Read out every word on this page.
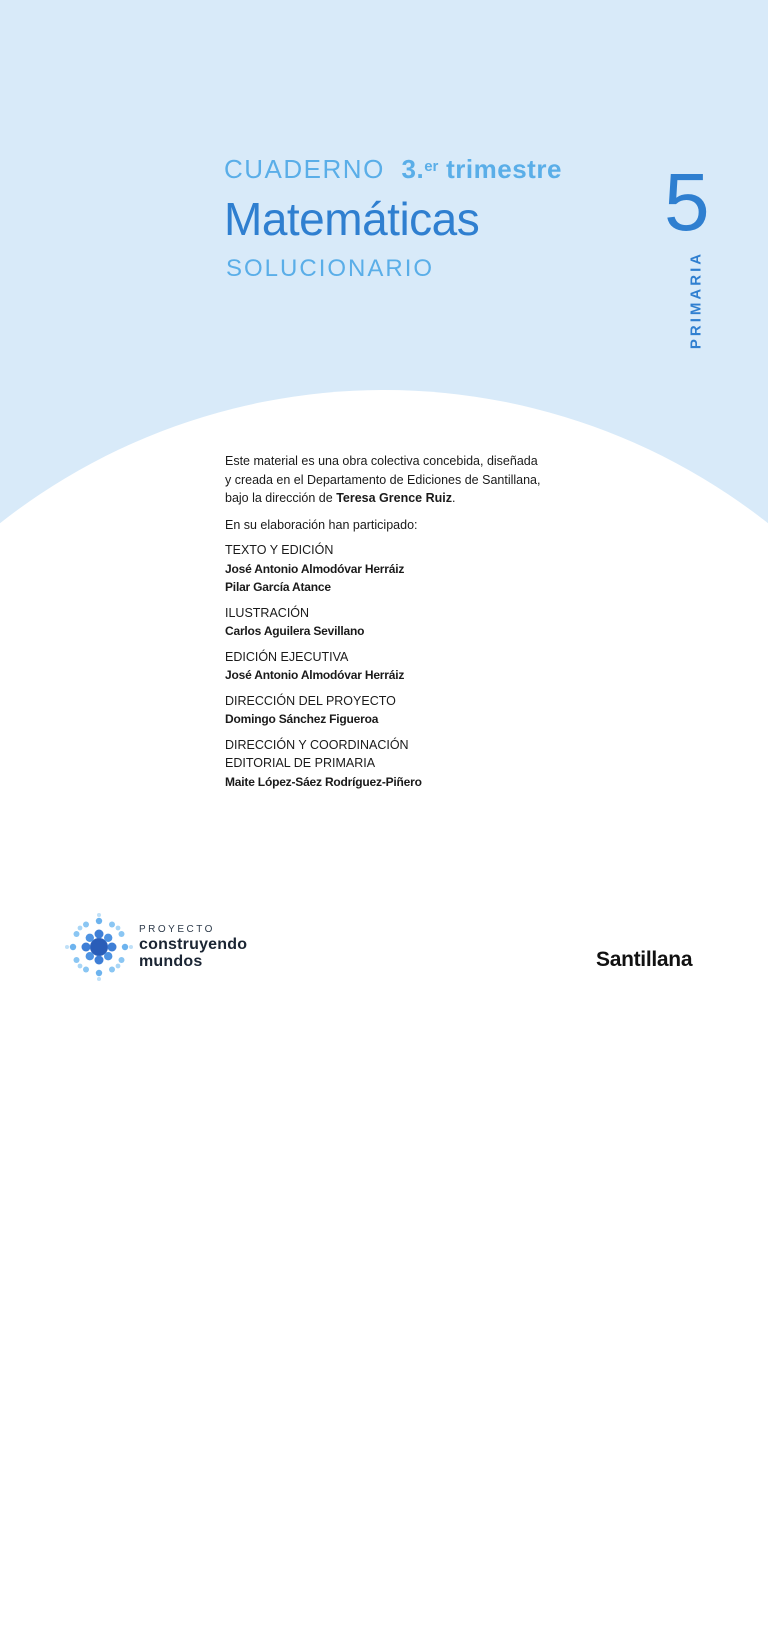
CUADERNO 3.$^{er}$ trimestre
Matemáticas
SOLUCIONARIO
5
PRIMARIA

Este material es una obra colectiva concebida, diseñada y creada en el Departamento de Ediciones de Santillana, bajo la dirección de Teresa Grence Ruiz.

En su elaboración han participado:

TEXTO Y EDICIÓN

José Antonio Almodóvar Herráiz

Pilar García Atance

ILUSTRACIÓN

Carlos Aguilera Sevillano

EDICIÓN EJECUTIVA

José Antonio Almodóvar Herráiz

DIRECCIÓN DEL PROYECTO

Domingo Sánchez Figueroa

DIRECCIÓN Y COORDINACIÓN

EDITORIAL DE PRIMARIA

Maite López-Sáez Rodríguez-Piñero

PROYECTO
construyendo
mundos	Santillana
